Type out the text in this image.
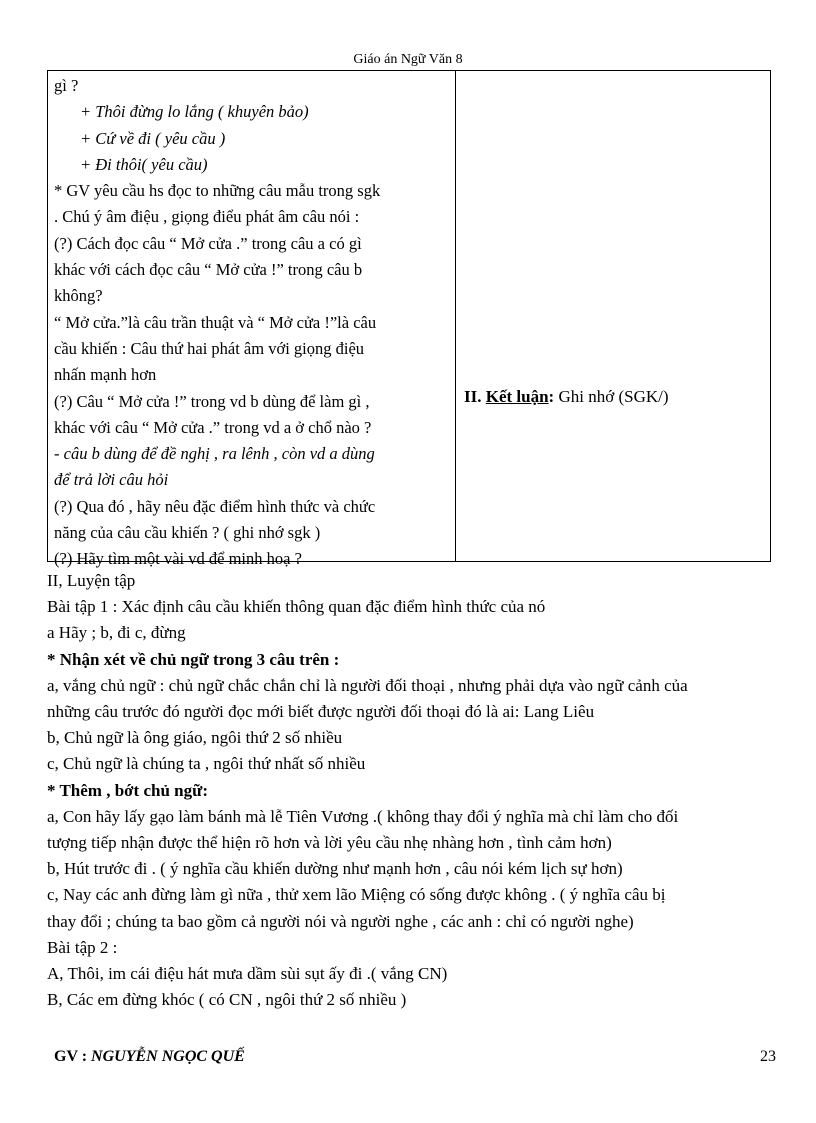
Giáo án Ngữ Văn 8
gì ?
+ Thôi đừng lo lắng ( khuyên bảo)
+ Cứ về đi ( yêu cầu )
+ Đi thôi( yêu cầu)
* GV yêu cầu hs đọc to những câu mẫu trong sgk
. Chú ý âm điệu , giọng điểu phát âm câu nói :
(?) Cách đọc câu “ Mở cửa .” trong câu a có gì
khác với cách đọc câu “ Mở cửa !” trong câu b
không?
“ Mở cửa.”là câu trần thuật và “ Mở cửa !”là câu
cầu khiến : Câu thứ hai phát âm với giọng điệu
nhấn mạnh hơn
(?) Câu “ Mở cửa !” trong vd b dùng để làm gì ,
khác với câu “ Mở cửa .” trong vd a ở chổ nào ?
- câu b dùng để đề nghị , ra lênh , còn vd a dùng
để trả lời câu hỏi
(?) Qua đó , hãy nêu đặc điểm hình thức và chức
năng của câu cầu khiến ? ( ghi nhớ sgk )
(?) Hãy tìm một vài vd để minh hoạ ?
II. Kết luận: Ghi nhớ (SGK/)
II, Luyện tập
Bài tập 1 : Xác định câu cầu khiến thông quan đặc điểm hình thức của nó
a Hãy ; b, đi c, đừng
* Nhận xét về chủ ngữ trong 3 câu trên :
a, vắng chủ ngữ : chủ ngữ chắc chắn chỉ là người đối thoại , nhưng phải dựa vào ngữ cảnh của
những câu trước đó người đọc mới biết được người đối thoại đó là ai: Lang Liêu
b, Chủ ngữ là ông giáo, ngôi thứ 2 số nhiều
c, Chủ ngữ là chúng ta , ngôi thứ nhất số nhiều
* Thêm , bớt chủ ngữ:
a, Con hãy lấy gạo làm bánh mà lễ Tiên Vương .( không thay đổi ý nghĩa mà chỉ làm cho đối
tượng tiếp nhận được thể hiện rõ hơn và lời yêu cầu nhẹ nhàng hơn , tình cảm hơn)
b, Hút trước đi . ( ý nghĩa cầu khiến dường như mạnh hơn , câu nói kém lịch sự hơn)
c, Nay các anh đừng làm gì nữa , thử xem lão Miệng có sống được không . ( ý nghĩa câu bị
thay đổi ; chúng ta bao gồm cả người nói và người nghe , các anh : chỉ có người nghe)
Bài tập 2 :
A, Thôi, im cái điệu hát mưa dầm sùi sụt ấy đi .( vắng CN)
B, Các em đừng khóc ( có CN , ngôi thứ 2 số nhiều )
GV : NGUYỄN NGỌC QUẾ	23
